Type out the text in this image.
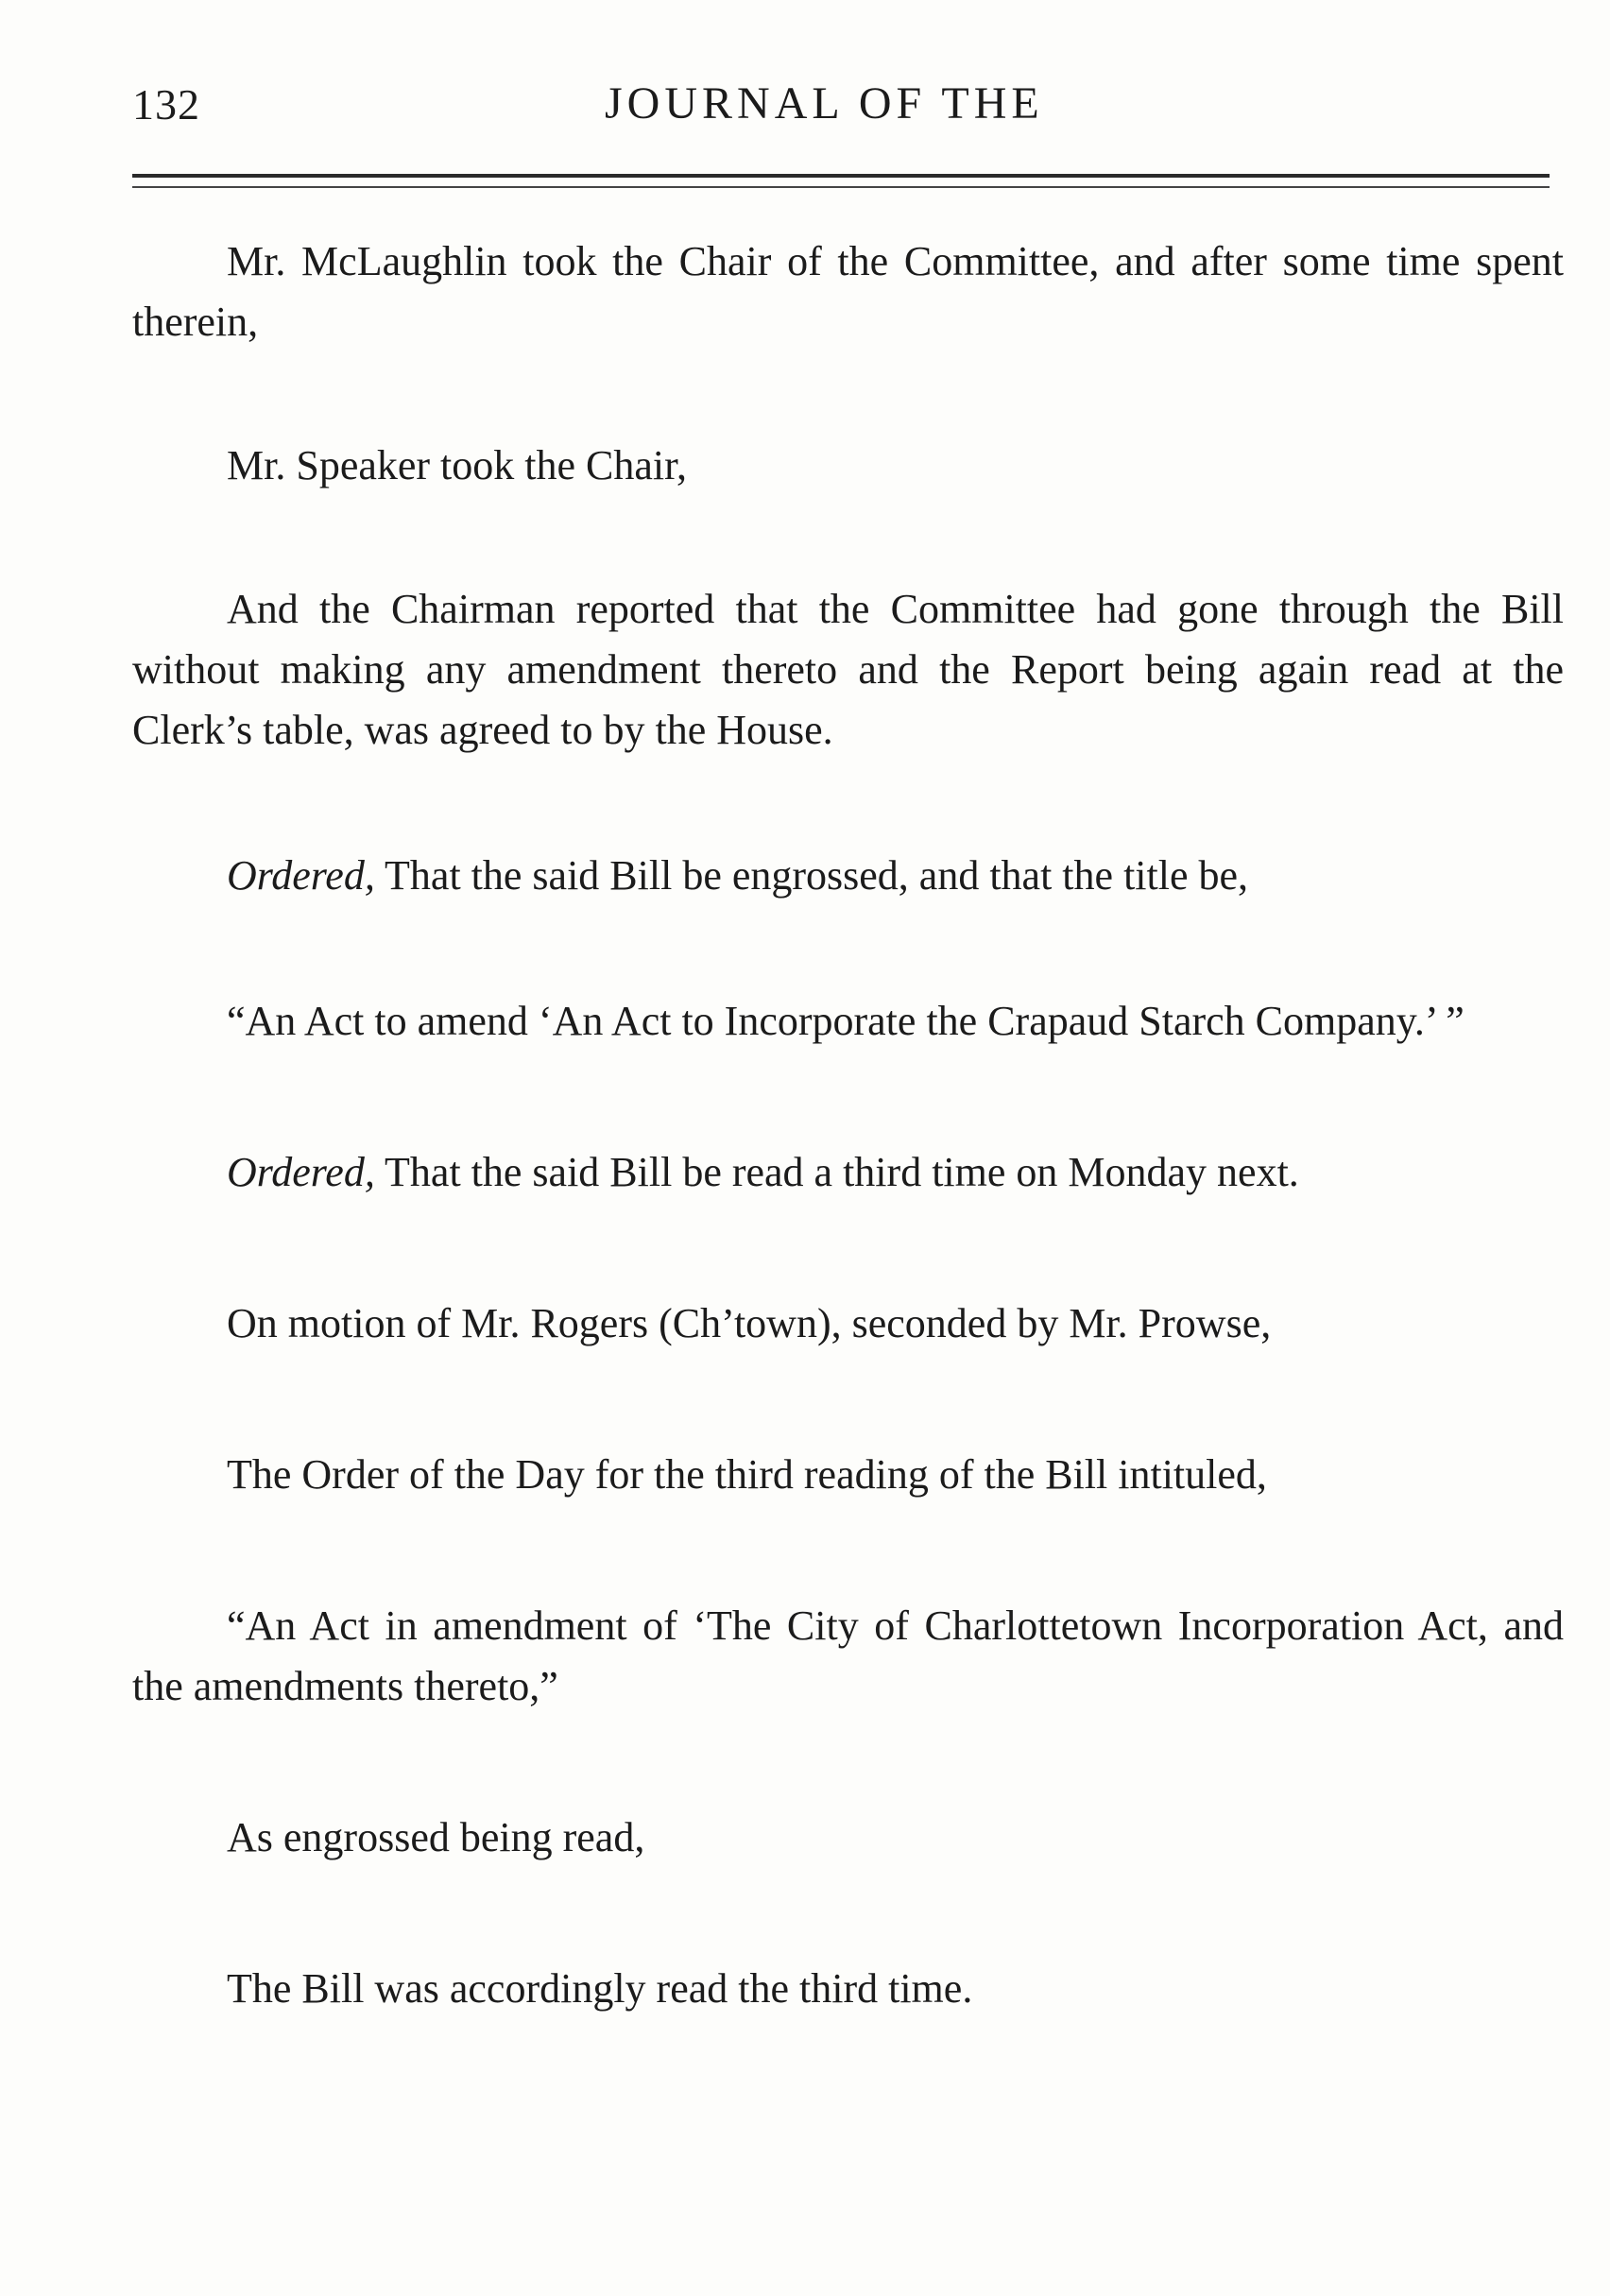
132	JOURNAL OF THE

Mr. McLaughlin took the Chair of the Committee, and after some time spent therein,

Mr. Speaker took the Chair,

And the Chairman reported that the Committee had gone through the Bill without making any amendment thereto and the Report being again read at the Clerk’s table, was agreed to by the House.

Ordered, That the said Bill be engrossed, and that the title be,

“An Act to amend ‘An Act to Incorporate the Crapaud Starch Company.’ ”

Ordered, That the said Bill be read a third time on Monday next.

On motion of Mr. Rogers (Ch’town), seconded by Mr. Prowse,

The Order of the Day for the third reading of the Bill intituled,

“An Act in amendment of ‘The City of Charlottetown Incorporation Act, and the amendments thereto,”

As engrossed being read,

The Bill was accordingly read the third time.
